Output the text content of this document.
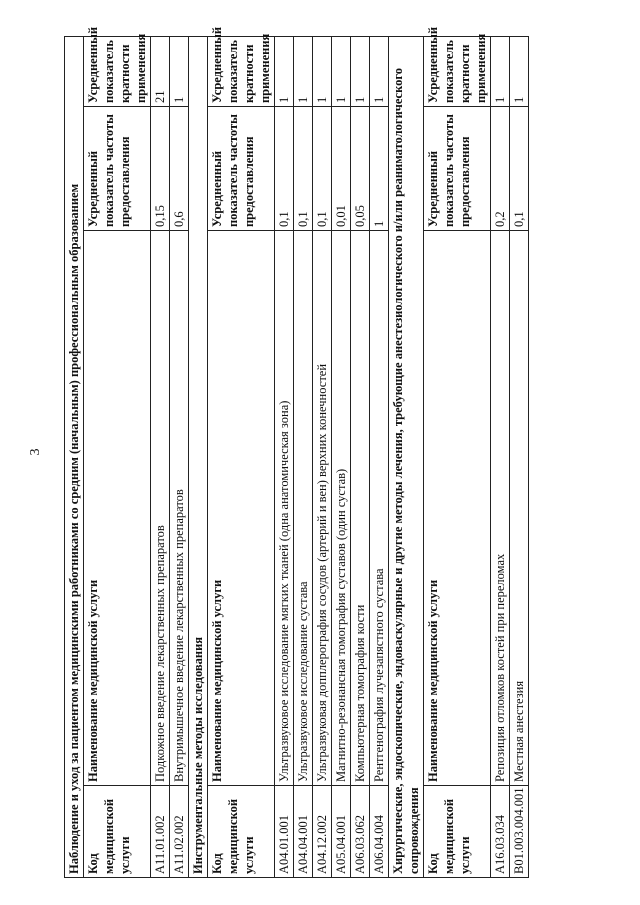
3 Наблюдение и уход за пациентом медицинскими работниками со средним (начальным) профессиональным образованием			
Код медицинской услуги	Наименование медицинской услуги	Усредненный показатель частоты предоставления	Усредненный показатель кратности применения
A11.01.002	Подкожное введение лекарственных препаратов	0,15	21
A11.02.002	Внутримышечное введение лекарственных препаратов	0,6	1
Инструментальные методы исследования			
Код медицинской услуги	Наименование медицинской услуги	Усредненный показатель частоты предоставления	Усредненный показатель кратности применения
A04.01.001	Ультразвуковое исследование мягких тканей (одна анатомическая зона)	0,1	1
A04.04.001	Ультразвуковое исследование сустава	0,1	1
A04.12.002	Ультразвуковая допплерография сосудов (артерий и вен) верхних конечностей	0,1	1
A05.04.001	Магнитно-резонансная томография суставов (один сустав)	0,01	1
A06.03.062	Компьютерная томография кости	0,05	1
A06.04.004	Рентгенография лучезапястного сустава	1	1
Хирургические, эндоскопические, эндоваскулярные и другие методы лечения, требующие анестезиологического и/или реаниматологического сопровождения			
Код медицинской услуги	Наименование медицинской услуги	Усредненный показатель частоты предоставления	Усредненный показатель кратности применения
A16.03.034	Репозиция отломков костей при переломах	0,2	1
B01.003.004.001	Местная анестезия	0,1	1
